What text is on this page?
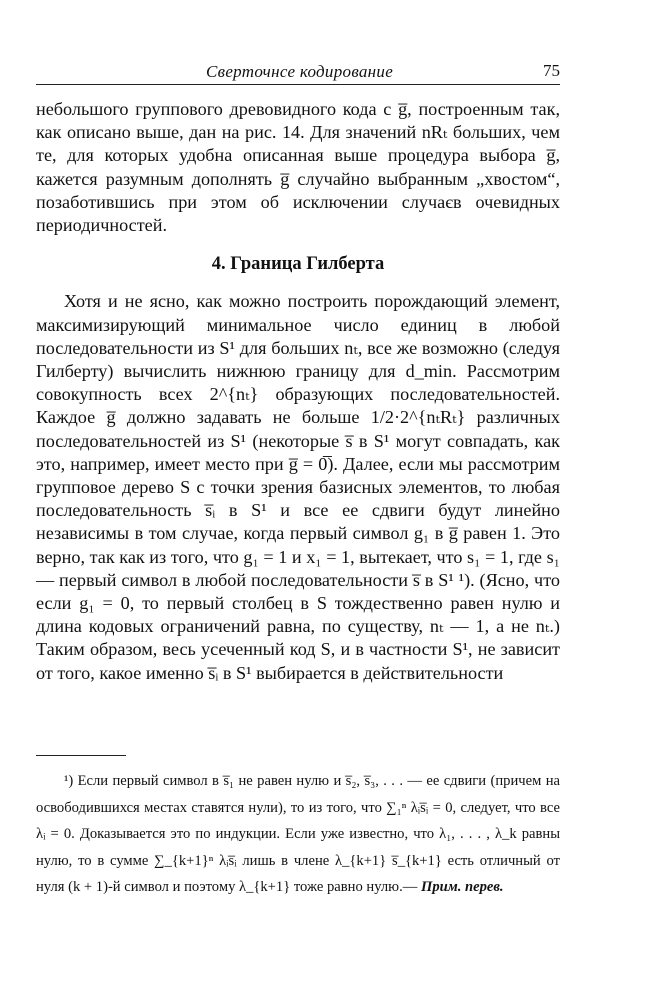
Сверточнсе кодирование	75

небольшого группового древовидного кода с g̅, построенным так, как описано выше, дан на рис. 14. Для значений nRₜ больших, чем те, для которых удобна описанная выше процедура выбора g̅, кажется разумным дополнять g̅ случайно выбранным „хвостом“, позаботившись при этом об исключении случаєв очевидных периодичностей.

4. Граница Гилберта

Хотя и не ясно, как можно построить порождающий элемент, максимизирующий минимальное число единиц в любой последовательности из S¹ для больших nₜ, все же возможно (следуя Гилберту) вычислить нижнюю границу для d_min. Рассмотрим совокупность всех 2^{nₜ} образующих последовательностей. Каждое g̅ должно задавать не больше 1/2·2^{nₜRₜ} различных последовательностей из S¹ (некоторые s̅ в S¹ могут совпадать, как это, например, имеет место при g̅ = 0̅). Далее, если мы рассмотрим групповое дерево S с точки зрения базисных элементов, то любая последовательность s̅ᵢ в S¹ и все ее сдвиги будут линейно независимы в том случае, когда первый символ g₁ в g̅ равен 1. Это верно, так как из того, что g₁ = 1 и x₁ = 1, вытекает, что s₁ = 1, где s₁ — первый символ в любой последовательности s̅ в S¹ ¹). (Ясно, что если g₁ = 0, то первый столбец в S тождественно равен нулю и длина кодовых ограничений равна, по существу, nₜ — 1, а не nₜ.) Таким образом, весь усеченный код S, и в частности S¹, не зависит от того, какое именно s̅ᵢ в S¹ выбирается в действительности

¹) Если первый символ в s̅₁ не равен нулю и s̅₂, s̅₃, . . . — ее сдвиги (причем на освободившихся местах ставятся нули), то из того, что ∑₁ⁿ λᵢs̅ᵢ = 0, следует, что все λᵢ = 0. Доказывается это по индукции. Если уже известно, что λ₁, . . . , λ_k равны нулю, то в сумме ∑_{k+1}ⁿ λᵢs̅ᵢ лишь в члене λ_{k+1} s̅_{k+1} есть отличный от нуля (k + 1)-й символ и поэтому λ_{k+1} тоже равно нулю.— Прим. перев.
